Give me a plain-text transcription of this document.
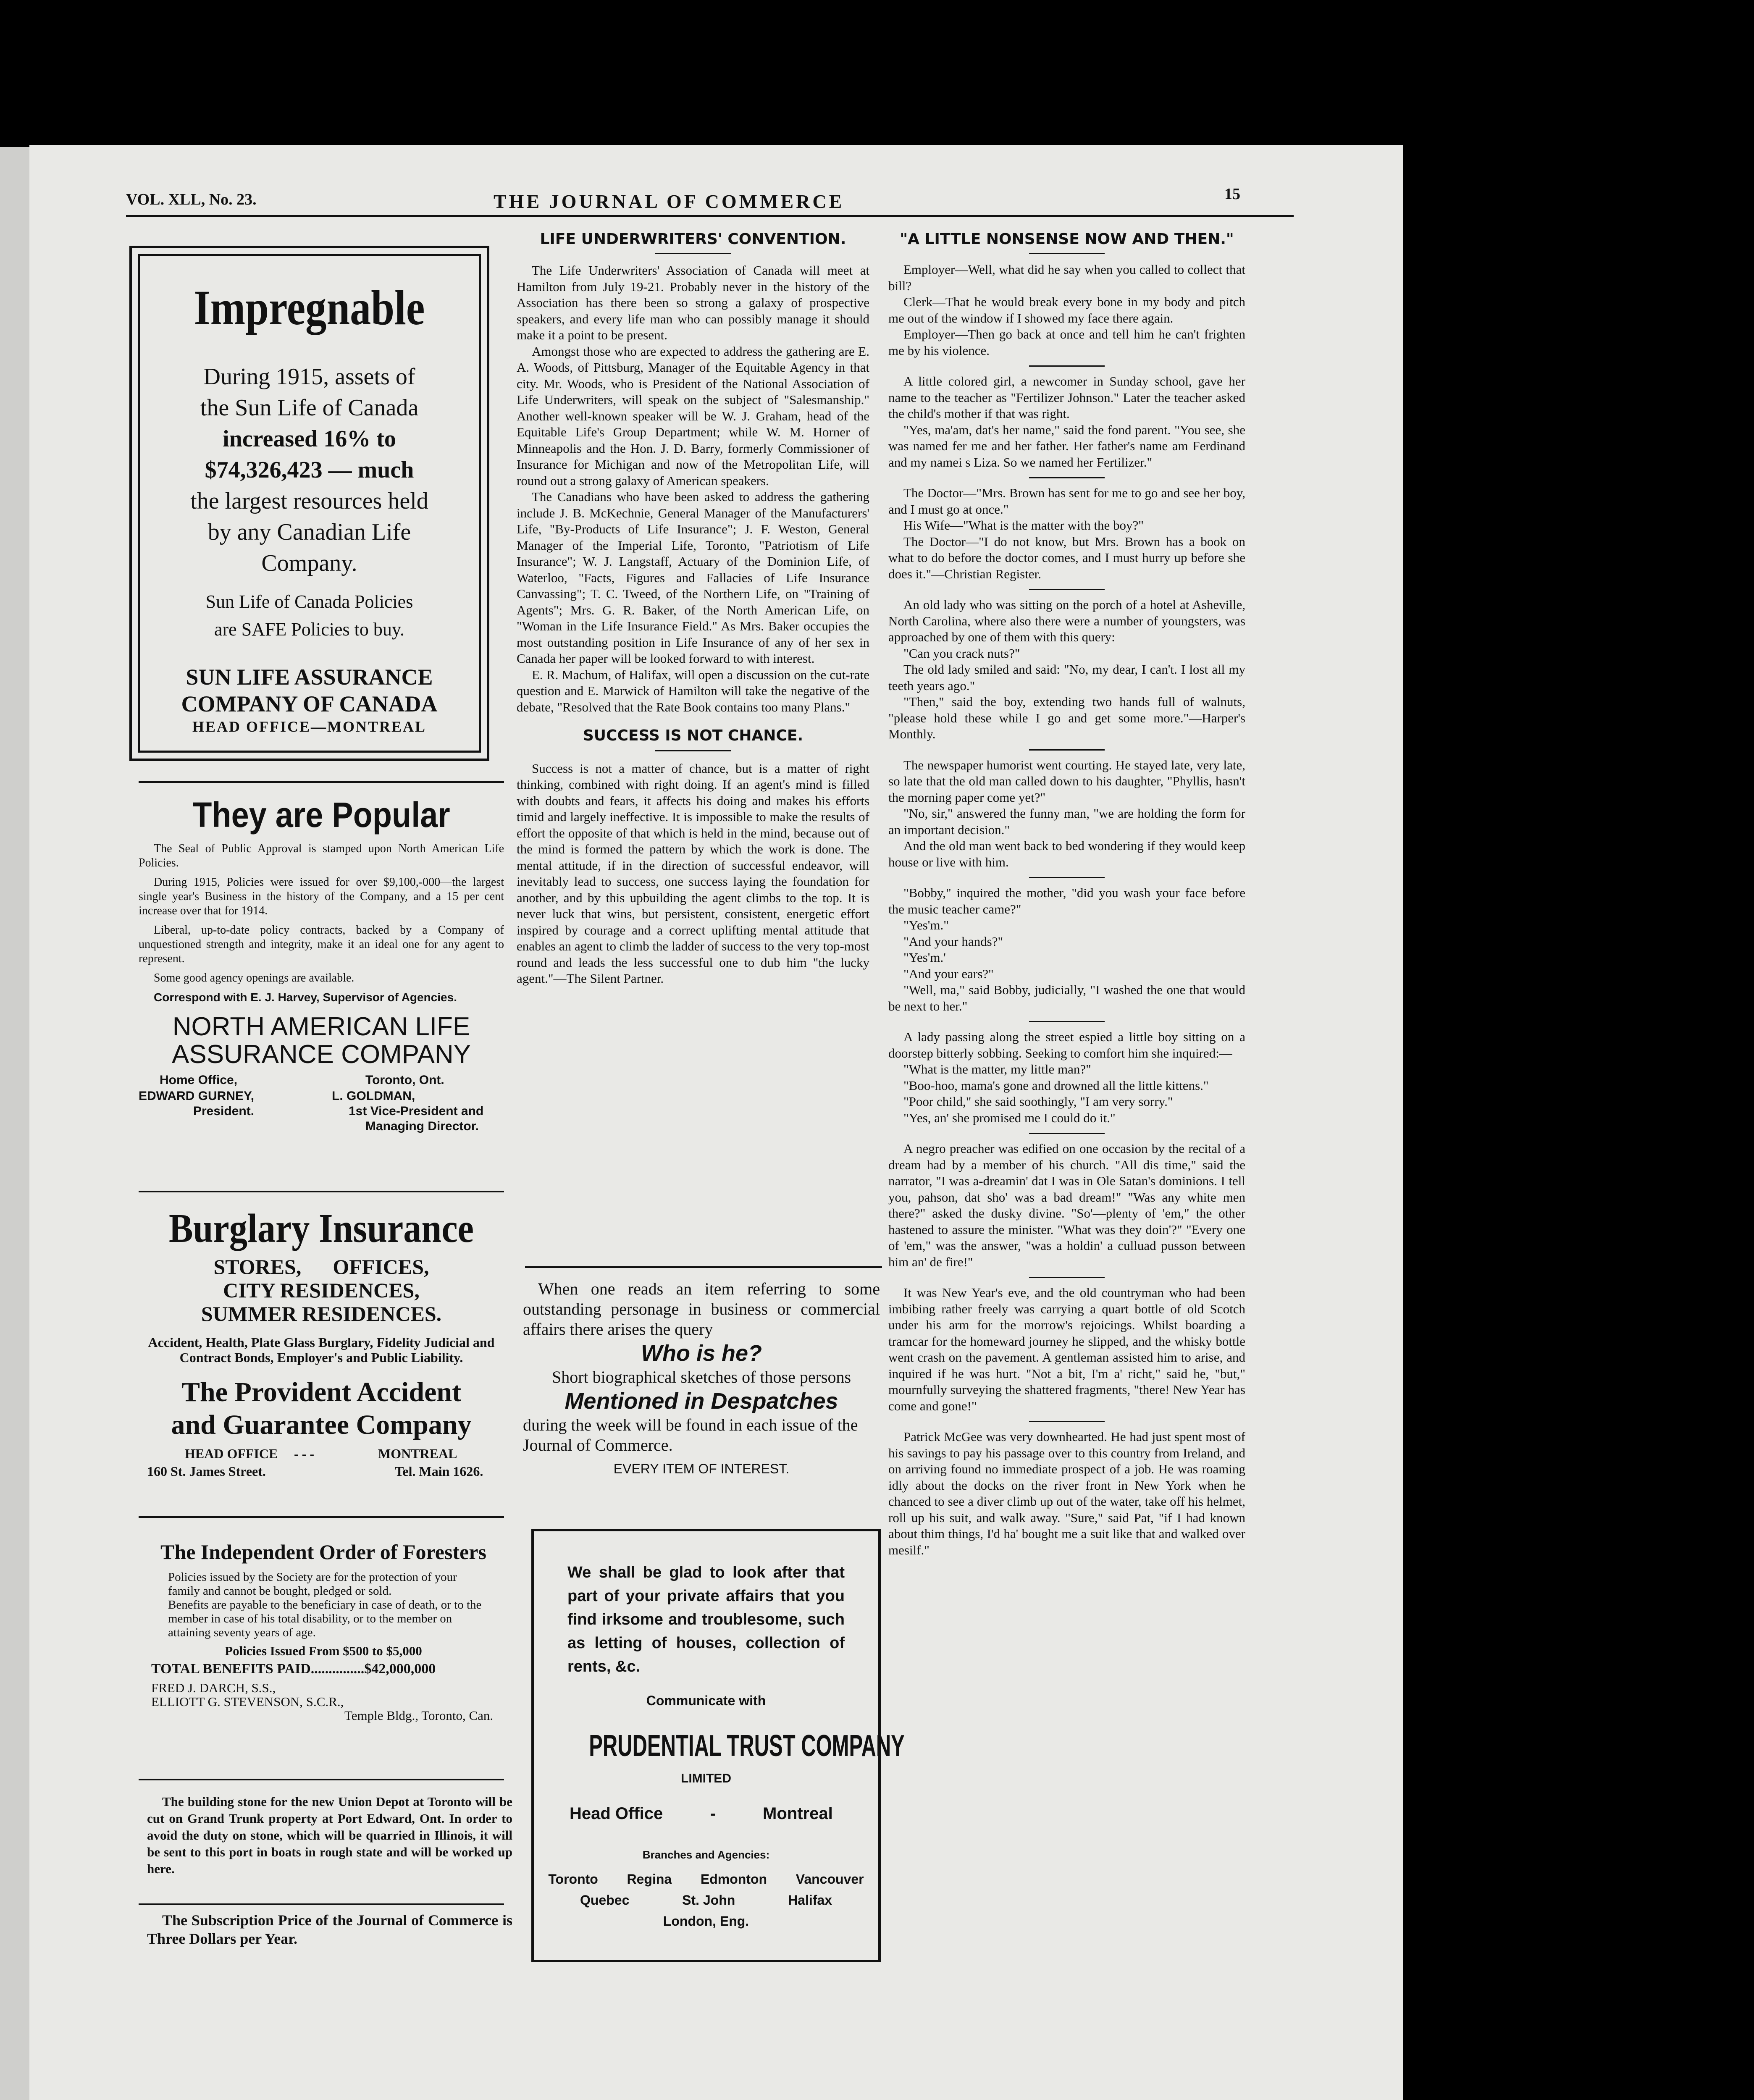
VOL. XLL, No. 23.	THE JOURNAL OF COMMERCE	15
Impregnable
During 1915, assets of
the Sun Life of Canada
increased 16% to
$74,326,423 — much
the largest resources held
by any Canadian Life
Company.
Sun Life of Canada Policies
are SAFE Policies to buy.
SUN LIFE ASSURANCE
COMPANY OF CANADA
HEAD OFFICE—MONTREAL
They are Popular

The Seal of Public Approval is stamped upon North American Life Policies.

During 1915, Policies were issued for over $9,100,-000—the largest single year's Business in the history of the Company, and a 15 per cent increase over that for 1914.

Liberal, up-to-date policy contracts, backed by a Company of unquestioned strength and integrity, make it an ideal one for any agent to represent.

Some good agency openings are available.

Correspond with E. J. Harvey, Supervisor of Agencies.

NORTH AMERICAN LIFE
ASSURANCE COMPANY
Home Office,	Toronto, Ont.
EDWARD GURNEY,
President.
L. GOLDMAN,
1st Vice-President and
Managing Director.
Burglary Insurance
STORES, OFFICES,
CITY RESIDENCES,
SUMMER RESIDENCES.
Accident, Health, Plate Glass Burglary, Fidelity Judicial and Contract Bonds, Employer's and Public Liability.
The Provident Accident
and Guarantee Company
HEAD OFFICE - - -	MONTREAL
160 St. James Street.	Tel. Main 1626.
The Independent Order of Foresters
Policies issued by the Society are for the protection of your family and cannot be bought, pledged or sold.
Benefits are payable to the beneficiary in case of death, or to the member in case of his total disability, or to the member on attaining seventy years of age.
Policies Issued From $500 to $5,000
TOTAL BENEFITS PAID...............$42,000,000
FRED J. DARCH, S.S.,
ELLIOTT G. STEVENSON, S.C.R.,
Temple Bldg., Toronto, Can.

The building stone for the new Union Depot at Toronto will be cut on Grand Trunk property at Port Edward, Ont. In order to avoid the duty on stone, which will be quarried in Illinois, it will be sent to this port in boats in rough state and will be worked up here.

The Subscription Price of the Journal of Commerce is Three Dollars per Year.

LIFE UNDERWRITERS' CONVENTION.

The Life Underwriters' Association of Canada will meet at Hamilton from July 19-21. Probably never in the history of the Association has there been so strong a galaxy of prospective speakers, and every life man who can possibly manage it should make it a point to be present.

Amongst those who are expected to address the gathering are E. A. Woods, of Pittsburg, Manager of the Equitable Agency in that city. Mr. Woods, who is President of the National Association of Life Underwriters, will speak on the subject of "Salesmanship." Another well-known speaker will be W. J. Graham, head of the Equitable Life's Group Department; while W. M. Horner of Minneapolis and the Hon. J. D. Barry, formerly Commissioner of Insurance for Michigan and now of the Metropolitan Life, will round out a strong galaxy of American speakers.

The Canadians who have been asked to address the gathering include J. B. McKechnie, General Manager of the Manufacturers' Life, "By-Products of Life Insurance"; J. F. Weston, General Manager of the Imperial Life, Toronto, "Patriotism of Life Insurance"; W. J. Langstaff, Actuary of the Dominion Life, of Waterloo, "Facts, Figures and Fallacies of Life Insurance Canvassing"; T. C. Tweed, of the Northern Life, on "Training of Agents"; Mrs. G. R. Baker, of the North American Life, on "Woman in the Life Insurance Field." As Mrs. Baker occupies the most outstanding position in Life Insurance of any of her sex in Canada her paper will be looked forward to with interest.

E. R. Machum, of Halifax, will open a discussion on the cut-rate question and E. Marwick of Hamilton will take the negative of the debate, "Resolved that the Rate Book contains too many Plans."

SUCCESS IS NOT CHANCE.

Success is not a matter of chance, but is a matter of right thinking, combined with right doing. If an agent's mind is filled with doubts and fears, it affects his doing and makes his efforts timid and largely ineffective. It is impossible to make the results of effort the opposite of that which is held in the mind, because out of the mind is formed the pattern by which the work is done. The mental attitude, if in the direction of successful endeavor, will inevitably lead to success, one success laying the foundation for another, and by this upbuilding the agent climbs to the top. It is never luck that wins, but persistent, consistent, energetic effort inspired by courage and a correct uplifting mental attitude that enables an agent to climb the ladder of success to the very top-most round and leads the less successful one to dub him "the lucky agent."—The Silent Partner.

When one reads an item referring to some outstanding personage in business or commercial affairs there arises the query

Who is he?
Short biographical sketches of those persons
Mentioned in Despatches
during the week will be found in each issue of the Journal of Commerce.
EVERY ITEM OF INTEREST.
We shall be glad to look after that part of your private affairs that you find irksome and troublesome, such as letting of houses, collection of rents, &c.
Communicate with
PRUDENTIAL TRUST COMPANY
LIMITED
Head Office	-	Montreal
Branches and Agencies:
Toronto Regina Edmonton Vancouver
Quebec	St. John	Halifax
London, Eng.
"A LITTLE NONSENSE NOW AND THEN."

Employer—Well, what did he say when you called to collect that bill?

Clerk—That he would break every bone in my body and pitch me out of the window if I showed my face there again.

Employer—Then go back at once and tell him he can't frighten me by his violence.

A little colored girl, a newcomer in Sunday school, gave her name to the teacher as "Fertilizer Johnson." Later the teacher asked the child's mother if that was right.

"Yes, ma'am, dat's her name," said the fond parent. "You see, she was named fer me and her father. Her father's name am Ferdinand and my namei s Liza. So we named her Fertilizer."

The Doctor—"Mrs. Brown has sent for me to go and see her boy, and I must go at once."

His Wife—"What is the matter with the boy?"

The Doctor—"I do not know, but Mrs. Brown has a book on what to do before the doctor comes, and I must hurry up before she does it."—Christian Register.

An old lady who was sitting on the porch of a hotel at Asheville, North Carolina, where also there were a number of youngsters, was approached by one of them with this query:

"Can you crack nuts?"

The old lady smiled and said: "No, my dear, I can't. I lost all my teeth years ago."

"Then," said the boy, extending two hands full of walnuts, "please hold these while I go and get some more."—Harper's Monthly.

The newspaper humorist went courting. He stayed late, very late, so late that the old man called down to his daughter, "Phyllis, hasn't the morning paper come yet?"

"No, sir," answered the funny man, "we are holding the form for an important decision."

And the old man went back to bed wondering if they would keep house or live with him.

"Bobby," inquired the mother, "did you wash your face before the music teacher came?"

"Yes'm."

"And your hands?"

"Yes'm.'

"And your ears?"

"Well, ma," said Bobby, judicially, "I washed the one that would be next to her."

A lady passing along the street espied a little boy sitting on a doorstep bitterly sobbing. Seeking to comfort him she inquired:—

"What is the matter, my little man?"

"Boo-hoo, mama's gone and drowned all the little kittens."

"Poor child," she said soothingly, "I am very sorry."

"Yes, an' she promised me I could do it."

A negro preacher was edified on one occasion by the recital of a dream had by a member of his church. "All dis time," said the narrator, "I was a-dreamin' dat I was in Ole Satan's dominions. I tell you, pahson, dat sho' was a bad dream!" "Was any white men there?" asked the dusky divine. "So'—plenty of 'em," the other hastened to assure the minister. "What was they doin'?" "Every one of 'em," was the answer, "was a holdin' a culluad pusson between him an' de fire!"

It was New Year's eve, and the old countryman who had been imbibing rather freely was carrying a quart bottle of old Scotch under his arm for the morrow's rejoicings. Whilst boarding a tramcar for the homeward journey he slipped, and the whisky bottle went crash on the pavement. A gentleman assisted him to arise, and inquired if he was hurt. "Not a bit, I'm a' richt," said he, "but," mournfully surveying the shattered fragments, "there! New Year has come and gone!"

Patrick McGee was very downhearted. He had just spent most of his savings to pay his passage over to this country from Ireland, and on arriving found no immediate prospect of a job. He was roaming idly about the docks on the river front in New York when he chanced to see a diver climb up out of the water, take off his helmet, roll up his suit, and walk away. "Sure," said Pat, "if I had known about thim things, I'd ha' bought me a suit like that and walked over mesilf."
